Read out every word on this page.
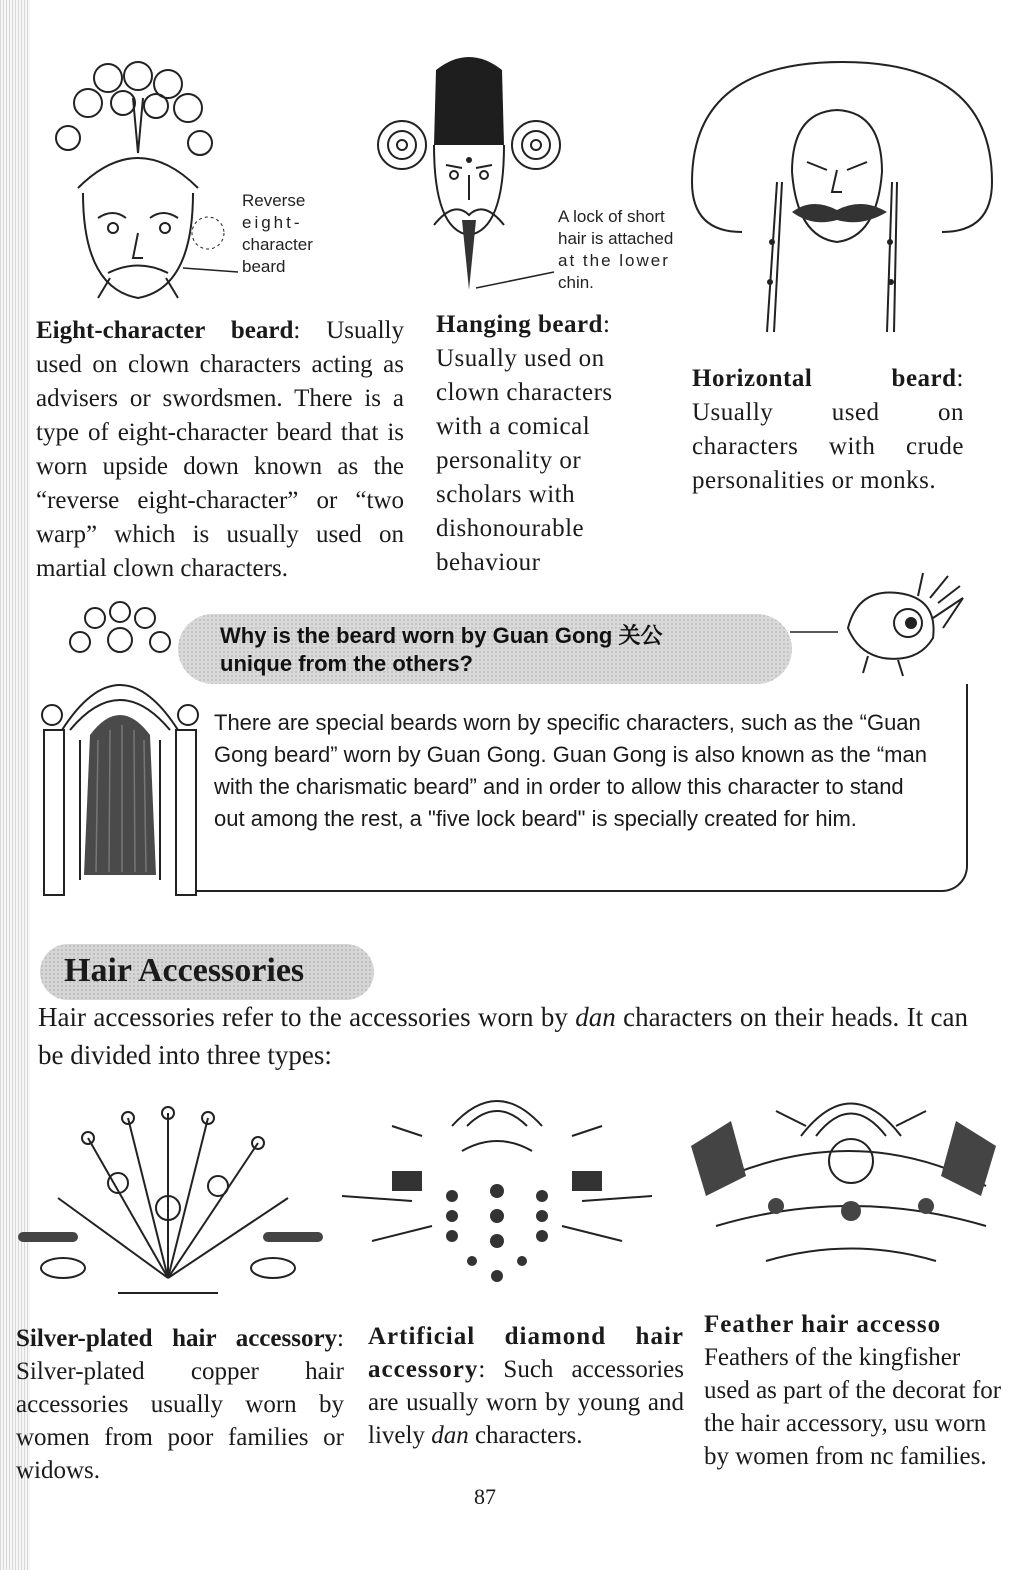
Reverse
eight-
character
beard
A lock of short
hair is attached
at the lower
chin.
Eight-character beard: Usually used on clown characters acting as advisers or swordsmen. There is a type of eight-character beard that is worn upside down known as the “reverse eight-character” or “two warp” which is usually used on martial clown characters.
Hanging beard: Usually used on clown characters with a comical personality or scholars with dishonourable behaviour
Horizontal beard: Usually used on characters with crude personalities or monks.
Why is the beard worn by Guan Gong 关公
unique from the others?
There are special beards worn by specific characters, such as the “Guan Gong beard” worn by Guan Gong. Guan Gong is also known as the “man with the charismatic beard” and in order to allow this character to stand out among the rest, a "five lock beard" is specially created for him.
Hair Accessories
Hair accessories refer to the accessories worn by dan characters on their heads. It can be divided into three types:
Silver-plated hair accessory: Silver-plated copper hair accessories usually worn by women from poor families or widows.
Artificial diamond hair accessory: Such accessories are usually worn by young and lively dan characters.
Feather hair accesso
Feathers of the kingfisher used as part of the decorat for the hair accessory, usu worn by women from nc families.
87
